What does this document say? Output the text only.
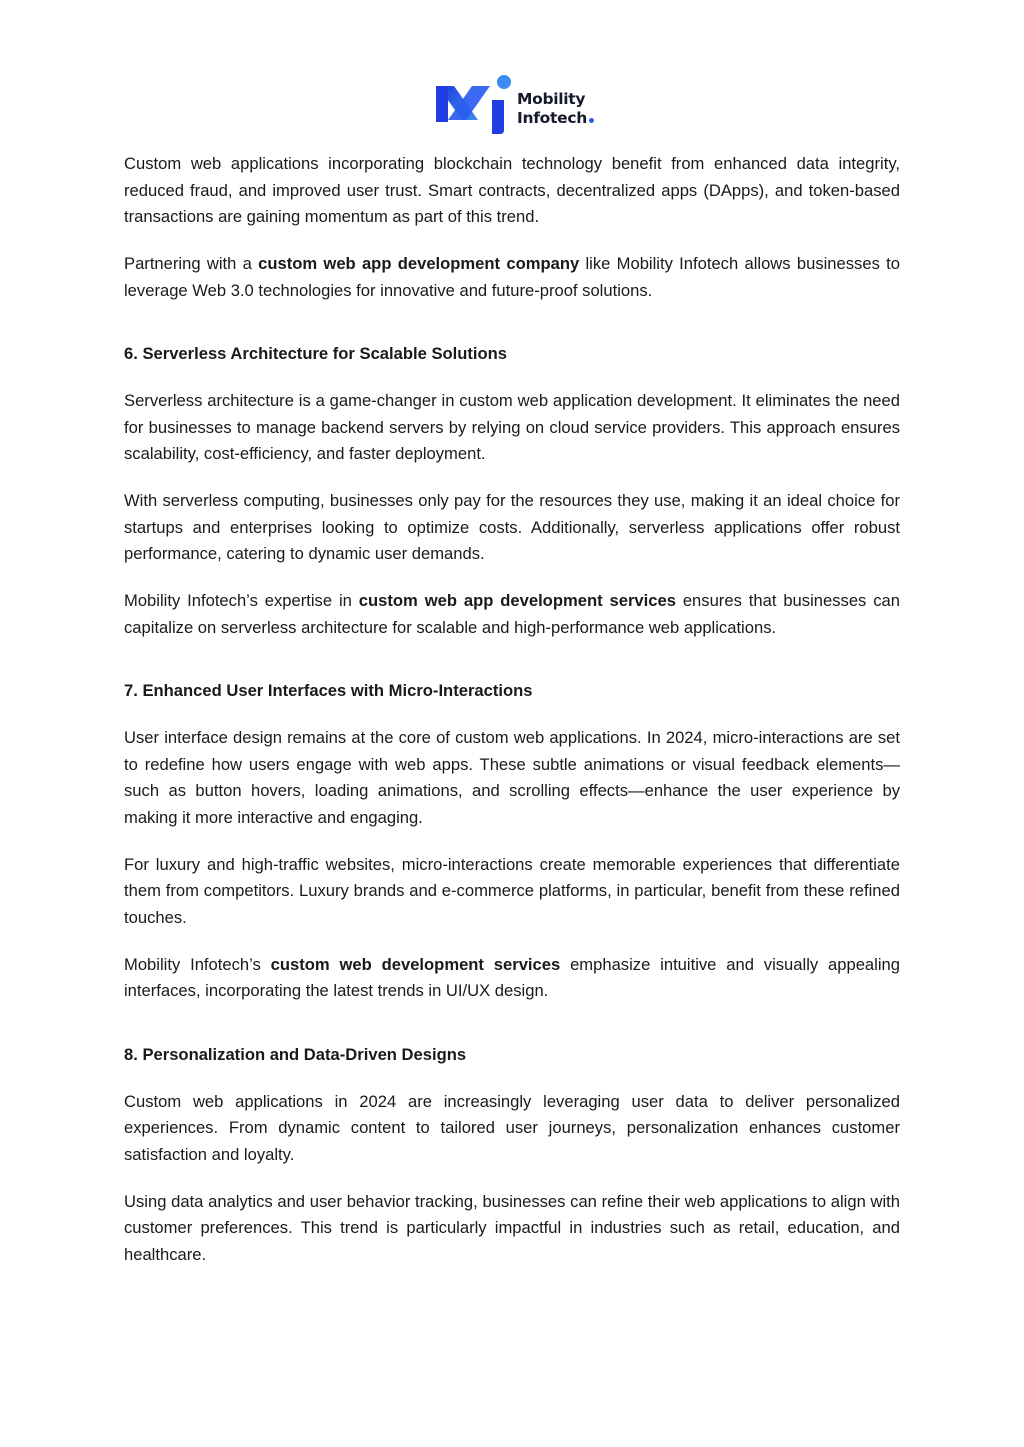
Mobility
Infotech

Custom web applications incorporating blockchain technology benefit from enhanced data integrity, reduced fraud, and improved user trust. Smart contracts, decentralized apps (DApps), and token-based transactions are gaining momentum as part of this trend.

Partnering with a custom web app development company like Mobility Infotech allows businesses to leverage Web 3.0 technologies for innovative and future-proof solutions.

6. Serverless Architecture for Scalable Solutions

Serverless architecture is a game-changer in custom web application development. It eliminates the need for businesses to manage backend servers by relying on cloud service providers. This approach ensures scalability, cost-efficiency, and faster deployment.

With serverless computing, businesses only pay for the resources they use, making it an ideal choice for startups and enterprises looking to optimize costs. Additionally, serverless applications offer robust performance, catering to dynamic user demands.

Mobility Infotech’s expertise in custom web app development services ensures that businesses can capitalize on serverless architecture for scalable and high-performance web applications.

7. Enhanced User Interfaces with Micro-Interactions

User interface design remains at the core of custom web applications. In 2024, micro-interactions are set to redefine how users engage with web apps. These subtle animations or visual feedback elements—such as button hovers, loading animations, and scrolling effects—enhance the user experience by making it more interactive and engaging.

For luxury and high-traffic websites, micro-interactions create memorable experiences that differentiate them from competitors. Luxury brands and e-commerce platforms, in particular, benefit from these refined touches.

Mobility Infotech’s custom web development services emphasize intuitive and visually appealing interfaces, incorporating the latest trends in UI/UX design.

8. Personalization and Data-Driven Designs

Custom web applications in 2024 are increasingly leveraging user data to deliver personalized experiences. From dynamic content to tailored user journeys, personalization enhances customer satisfaction and loyalty.

Using data analytics and user behavior tracking, businesses can refine their web applications to align with customer preferences. This trend is particularly impactful in industries such as retail, education, and healthcare.
